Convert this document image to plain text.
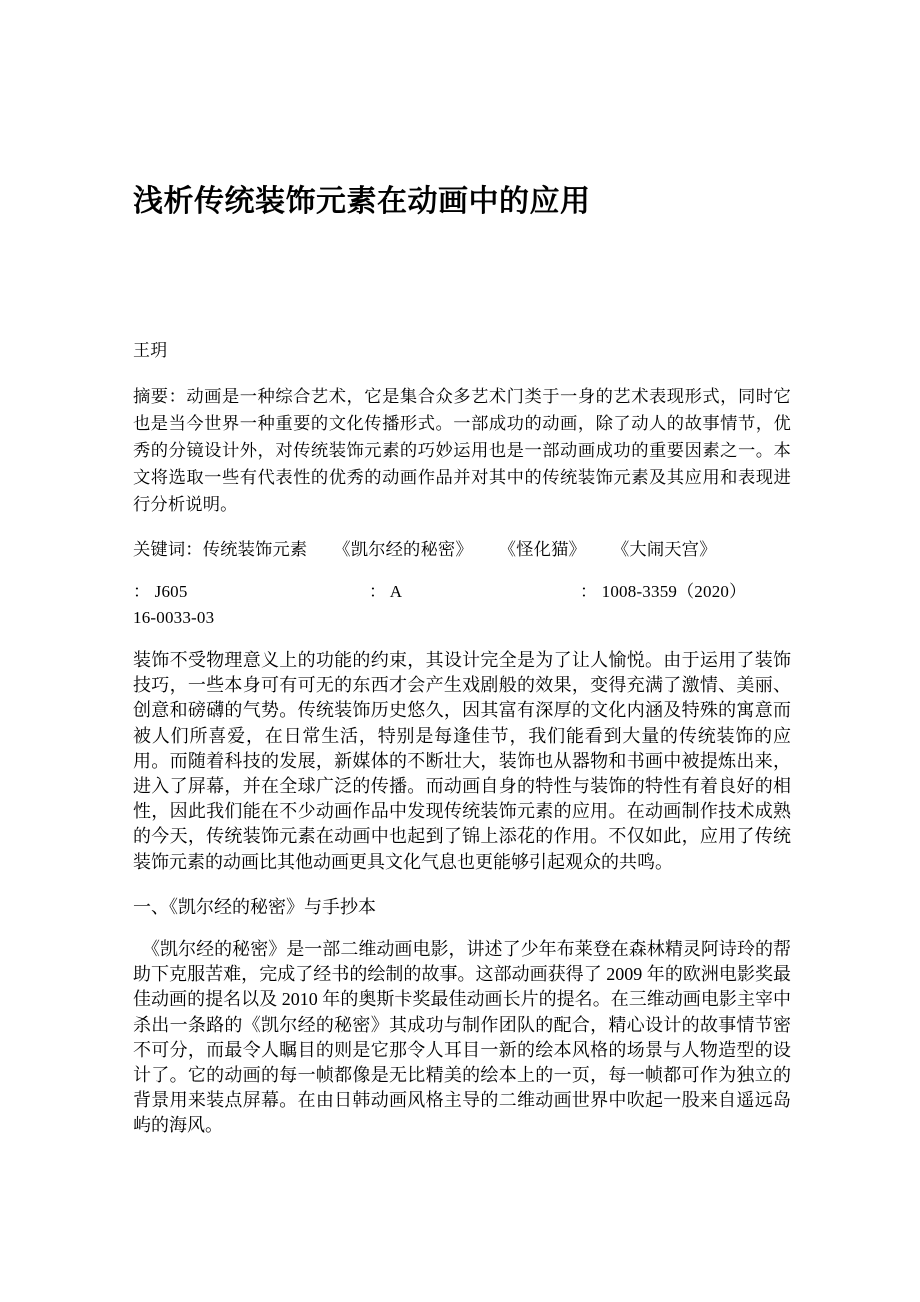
浅析传统装饰元素在动画中的应用

王玥

摘要：动画是一种综合艺术，它是集合众多艺术门类于一身的艺术表现形式，同时它也是当今世界一种重要的文化传播形式。一部成功的动画，除了动人的故事情节，优秀的分镜设计外，对传统装饰元素的巧妙运用也是一部动画成功的重要因素之一。本文将选取一些有代表性的优秀的动画作品并对其中的传统装饰元素及其应用和表现进行分析说明。

关键词：传统装饰元素 《凯尔经的秘密》 《怪化猫》 《大闹天宫》

： J605	： A	： 1008-3359（2020）
16-0033-03

装饰不受物理意义上的功能的约束，其设计完全是为了让人愉悦。由于运用了装饰技巧，一些本身可有可无的东西才会产生戏剧般的效果，变得充满了激情、美丽、创意和磅礴的气势。传统装饰历史悠久，因其富有深厚的文化内涵及特殊的寓意而被人们所喜爱，在日常生活，特别是每逢佳节，我们能看到大量的传统装饰的应用。而随着科技的发展，新媒体的不断壮大，装饰也从器物和书画中被提炼出来，进入了屏幕，并在全球广泛的传播。而动画自身的特性与装饰的特性有着良好的相性，因此我们能在不少动画作品中发现传统装饰元素的应用。在动画制作技术成熟的今天，传统装饰元素在动画中也起到了锦上添花的作用。不仅如此，应用了传统装饰元素的动画比其他动画更具文化气息也更能够引起观众的共鸣。

一、《凯尔经的秘密》与手抄本

　《凯尔经的秘密》是一部二维动画电影，讲述了少年布莱登在森林精灵阿诗玲的帮助下克服苦难，完成了经书的绘制的故事。这部动画获得了 2009 年的欧洲电影奖最佳动画的提名以及 2010 年的奥斯卡奖最佳动画长片的提名。在三维动画电影主宰中杀出一条路的《凯尔经的秘密》其成功与制作团队的配合，精心设计的故事情节密不可分，而最令人瞩目的则是它那令人耳目一新的绘本风格的场景与人物造型的设计了。它的动画的每一帧都像是无比精美的绘本上的一页，每一帧都可作为独立的背景用来装点屏幕。在由日韩动画风格主导的二维动画世界中吹起一股来自遥远岛屿的海风。
